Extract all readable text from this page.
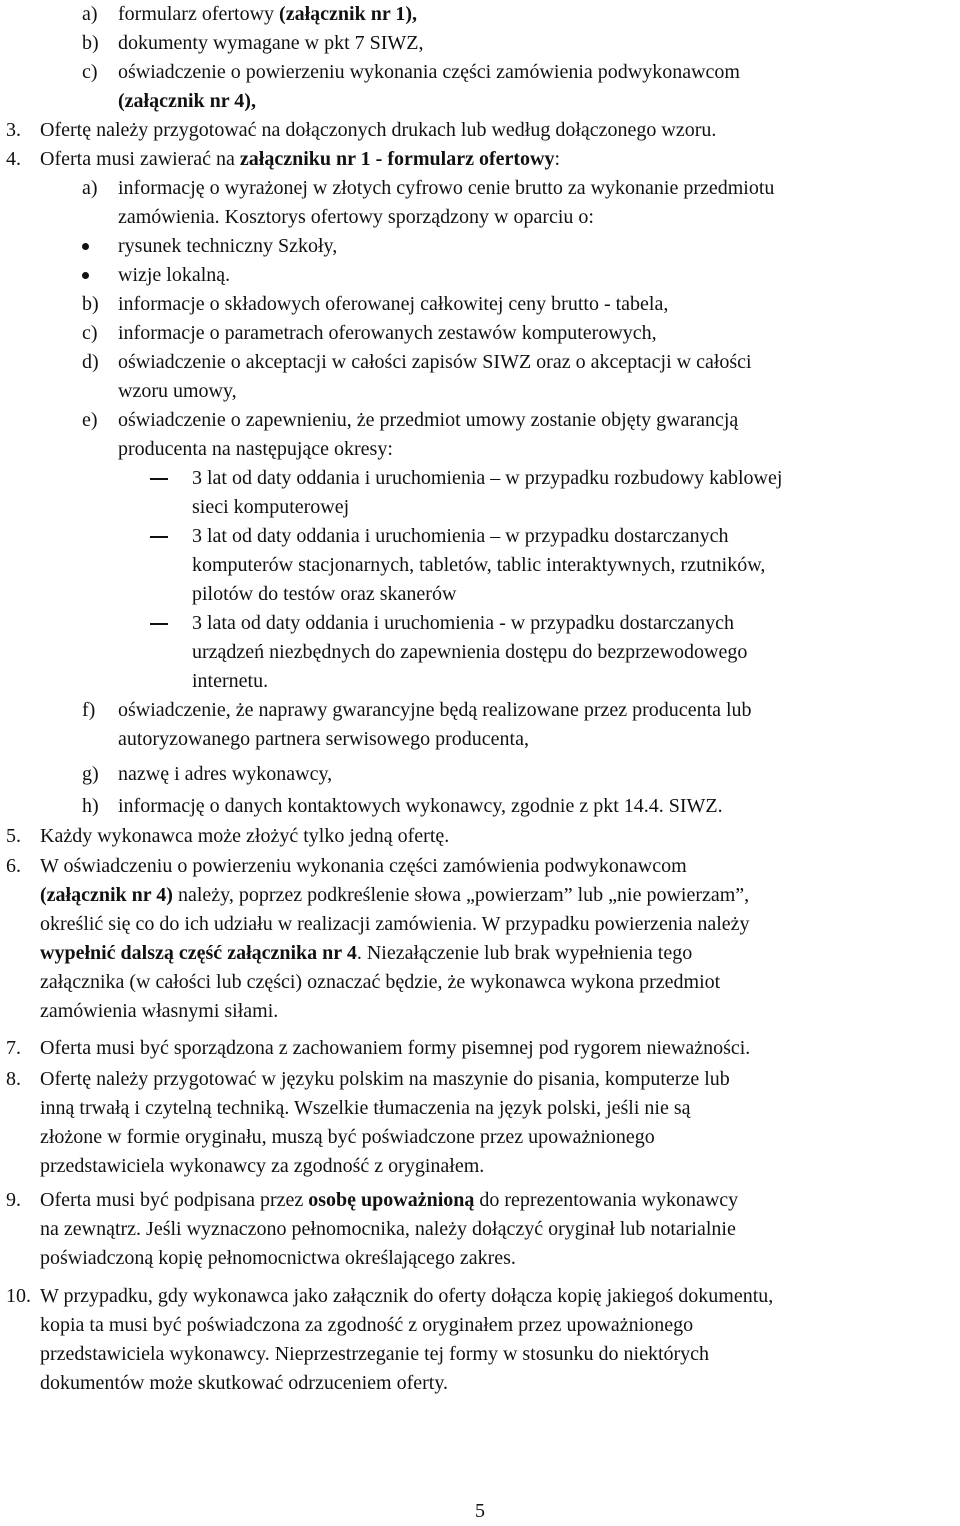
a) formularz ofertowy (załącznik nr 1),
b) dokumenty wymagane w pkt 7 SIWZ,
c) oświadczenie o powierzeniu wykonania części zamówienia podwykonawcom
(załącznik nr 4),
3. Ofertę należy przygotować na dołączonych drukach lub według dołączonego wzoru.
4. Oferta musi zawierać na załączniku nr 1 - formularz ofertowy:
a) informację o wyrażonej w złotych cyfrowo cenie brutto za wykonanie przedmiotu
zamówienia. Kosztorys ofertowy sporządzony w oparciu o:
rysunek techniczny Szkoły,
wizje lokalną.
b) informacje o składowych oferowanej całkowitej ceny brutto - tabela,
c) informacje o parametrach oferowanych zestawów komputerowych,
d) oświadczenie o akceptacji w całości zapisów SIWZ oraz o akceptacji w całości
wzoru umowy,
e) oświadczenie o zapewnieniu, że przedmiot umowy zostanie objęty gwarancją
producenta na następujące okresy:
3 lat od daty oddania i uruchomienia – w przypadku rozbudowy kablowej
sieci komputerowej
3 lat od daty oddania i uruchomienia – w przypadku dostarczanych
komputerów stacjonarnych, tabletów, tablic interaktywnych, rzutników,
pilotów do testów oraz skanerów
3 lata od daty oddania i uruchomienia - w przypadku dostarczanych
urządzeń niezbędnych do zapewnienia dostępu do bezprzewodowego
internetu.
f) oświadczenie, że naprawy gwarancyjne będą realizowane przez producenta lub
autoryzowanego partnera serwisowego producenta,
g) nazwę i adres wykonawcy,
h) informację o danych kontaktowych wykonawcy, zgodnie z pkt 14.4. SIWZ.
5. Każdy wykonawca może złożyć tylko jedną ofertę.
6. W oświadczeniu o powierzeniu wykonania części zamówienia podwykonawcom
(załącznik nr 4) należy, poprzez podkreślenie słowa „powierzam” lub „nie powierzam”,
określić się co do ich udziału w realizacji zamówienia. W przypadku powierzenia należy
wypełnić dalszą część załącznika nr 4. Niezałączenie lub brak wypełnienia tego
załącznika (w całości lub części) oznaczać będzie, że wykonawca wykona przedmiot
zamówienia własnymi siłami.
7. Oferta musi być sporządzona z zachowaniem formy pisemnej pod rygorem nieważności.
8. Ofertę należy przygotować w języku polskim na maszynie do pisania, komputerze lub
inną trwałą i czytelną techniką. Wszelkie tłumaczenia na język polski, jeśli nie są
złożone w formie oryginału, muszą być poświadczone przez upoważnionego
przedstawiciela wykonawcy za zgodność z oryginałem.
9. Oferta musi być podpisana przez osobę upoważnioną do reprezentowania wykonawcy
na zewnątrz. Jeśli wyznaczono pełnomocnika, należy dołączyć oryginał lub notarialnie
poświadczoną kopię pełnomocnictwa określającego zakres.
10. W przypadku, gdy wykonawca jako załącznik do oferty dołącza kopię jakiegoś dokumentu,
kopia ta musi być poświadczona za zgodność z oryginałem przez upoważnionego
przedstawiciela wykonawcy. Nieprzestrzeganie tej formy w stosunku do niektórych
dokumentów może skutkować odrzuceniem oferty.
5
